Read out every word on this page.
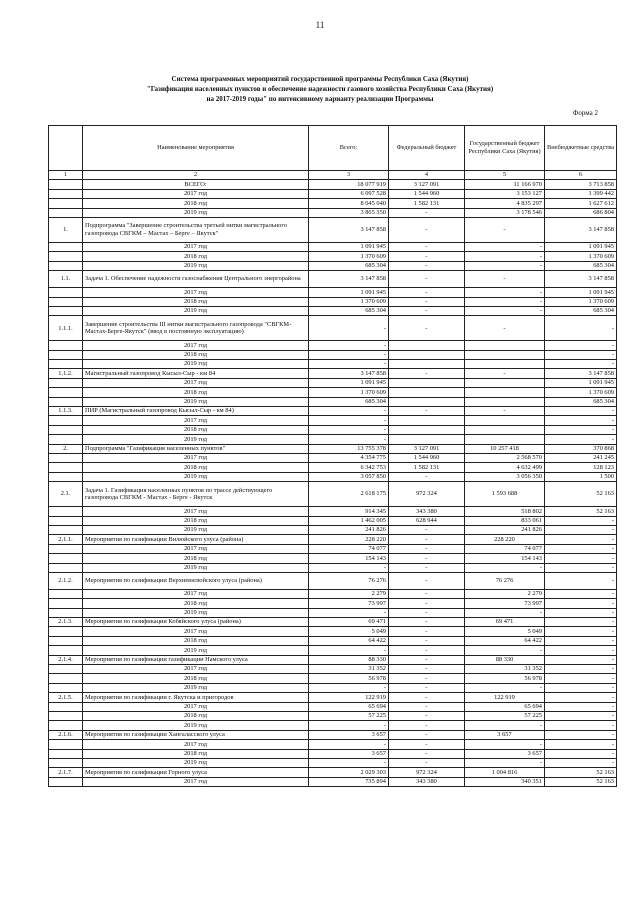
11
Система программных мероприятий государственной программы Республики Саха (Якутия)
"Газификация населенных пунктов и обеспечение надежности газового хозяйства Республики Саха (Якутия)
на 2017-2019 годы" по интенсивному варианту реализации Программы
Форма 2
	Наименование мероприятия	Всего:	Федеральный бюджет	Государственный бюджет Республики Саха (Якутия)	Внебюджетные средства
1	2	3	4	5	6
	ВСЕГО:	18 077 919	3 127 091	11 166 970	3 713 858
	2017 год	6 097 528	1 544 960	3 153 127	1 399 442
	2018 год	8 045 040	1 582 131	4 835 297	1 627 612
	2019 год	3 865 350	-	3 178 546	686 804
1.	Подпрограмма "Завершение строительства третьей нитки магистрального газопровода СВГКМ – Мастах – Берге – Якутск"	3 147 858	-	-	3 147 858
	2017 год	1 091 945	-	-	1 091 945
	2018 год	1 370 609	-	-	1 370 609
	2019 год	685 304	-	-	685 304
1.1.	Задача 1. Обеспечение надежности газоснабжения Центрального энергорайона	3 147 858	-	-	3 147 858
	2017 год	1 091 945	-	-	1 091 945
	2018 год	1 370 609	-	-	1 370 609
	2019 год	685 304	-	-	685 304
1.1.1.	Завершение строительства III нитки магистрального газопровода "СВГКМ-Мастах-Берге-Якутск" (ввод в постоянную эксплуатацию)	-	-	-	-
	2017 год	-			-
	2018 год	-			-
	2019 год	-			-
1.1.2.	Магистральный газопровод Кысыл-Сыр - км 84	3 147 858	-	-	3 147 858
	2017 год	1 091 945			1 091 945
	2018 год	1 370 609			1 370 609
	2019 год	685 304			685 304
1.1.3.	ПИР (Магистральный газопровод Кысыл-Сыр - км 84)	-	-	-	-
	2017 год	-			-
	2018 год	-			-
	2019 год	-			-
2.	Подпрограмма "Газификация населенных пунктов"	13 755 378	3 127 091	10 257 418	370 868
	2017 год	4 354 775	1 544 960	2 568 570	241 245
	2018 год	6 342 753	1 582 131	4 632 499	128 123
	2019 год	3 057 850	-	3 056 350	1 500
2.1.	Задача 1. Газификация населенных пунктов по трассе действующего газопровода СВГКМ - Мастах - Берге - Якутск	2 618 175	972 324	1 593 688	52 163
	2017 год	914 345	343 380	518 802	52 163
	2018 год	1 462 005	628 944	833 061	-
	2019 год	241 826	-	241 826	-
2.1.1.	Мероприятия по газификации Вилюйского улуса (района)	228 220	-	228 220	-
	2017 год	74 077	-	74 077	-
	2018 год	154 143	-	154 143	-
	2019 год	-	-	-	-
2.1.2.	Мероприятия по газификации Верхневилюйского улуса (района)	76 276	-	76 276	-
	2017 год	2 279	-	2 279	-
	2018 год	73 997	-	73 997	-
	2019 год	-	-	-	-
2.1.3.	Мероприятия по газификации Кобяйского улуса (района)	69 471	-	69 471	-
	2017 год	5 049	-	5 049	-
	2018 год	64 422	-	64 422	-
	2019 год	-	-	-	-
2.1.4.	Мероприятия по газификации газификации Намского улуса	88 330	-	88 330	-
	2017 год	31 352	-	31 352	-
	2018 год	56 978	-	56 978	-
	2019 год	-	-	-	-
2.1.5.	Мероприятия по газификации г. Якутска и пригородов	122 919	-	122 919	-
	2017 год	65 694	-	65 694	-
	2018 год	57 225	-	57 225	-
	2019 год	-	-	-	-
2.1.6.	Мероприятия по газификации Хангаласского улуса	3 657	-	3 657	-
	2017 год	-	-	-	-
	2018 год	3 657	-	3 657	-
	2019 год	-	-	-	-
2.1.7.	Мероприятия по газификации Горного улуса	2 029 303	972 324	1 004 816	52 163
	2017 год	735 894	343 380	340 351	52 163
